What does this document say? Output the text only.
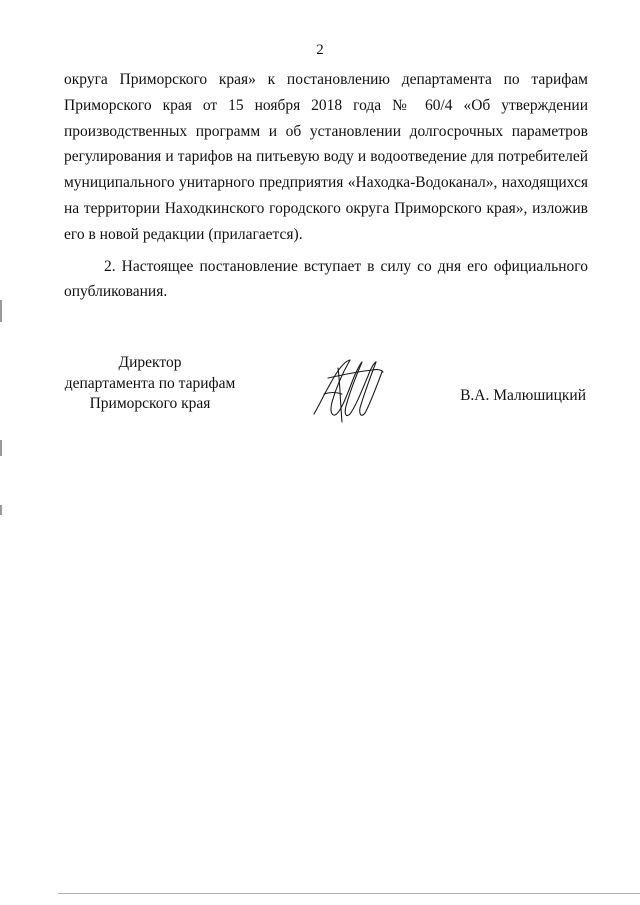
2
округа Приморского края» к постановлению департамента по тарифам
Приморского края от 15 ноября 2018 года № 60/4 «Об утверждении
производственных программ и об установлении долгосрочных параметров
регулирования и тарифов на питьевую воду и водоотведение для потребителей
муниципального унитарного предприятия «Находка-Водоканал», находящихся
на территории Находкинского городского округа Приморского края», изложив
его в новой редакции (прилагается).
2. Настоящее постановление вступает в силу со дня его официального
опубликования.
Директор
департамента по тарифам
Приморского края	В.А. Малюшицкий
